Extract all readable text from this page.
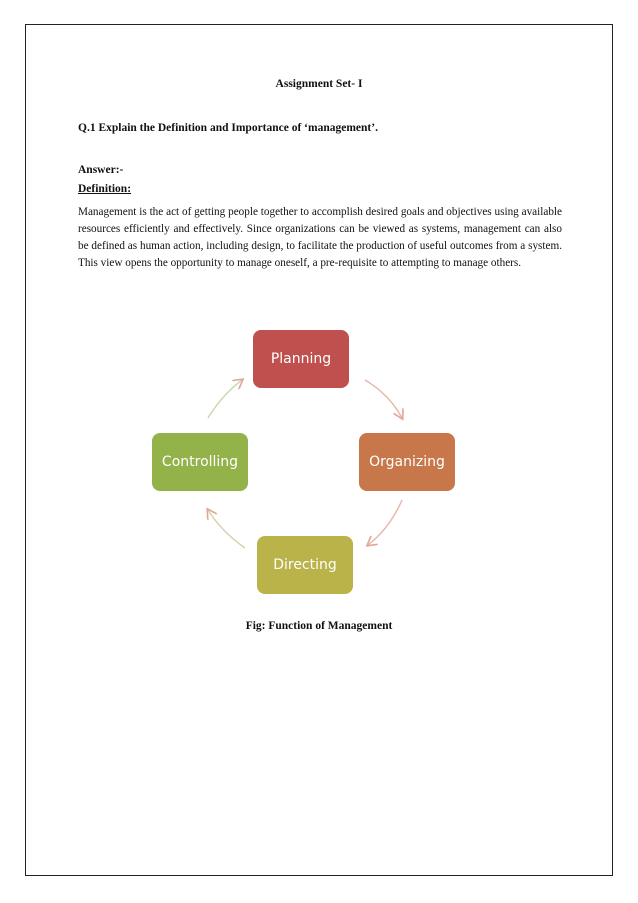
Assignment Set- I
Q.1 Explain the Definition and Importance of ‘management’.
Answer:-
Definition:
Management is the act of getting people together to accomplish desired goals and objectives using available resources efficiently and effectively. Since organizations can be viewed as systems, management can also be defined as human action, including design, to facilitate the production of useful outcomes from a system. This view opens the opportunity to manage oneself, a pre-requisite to attempting to manage others.
Planning
Organizing
Directing
Controlling
Fig: Function of Management
